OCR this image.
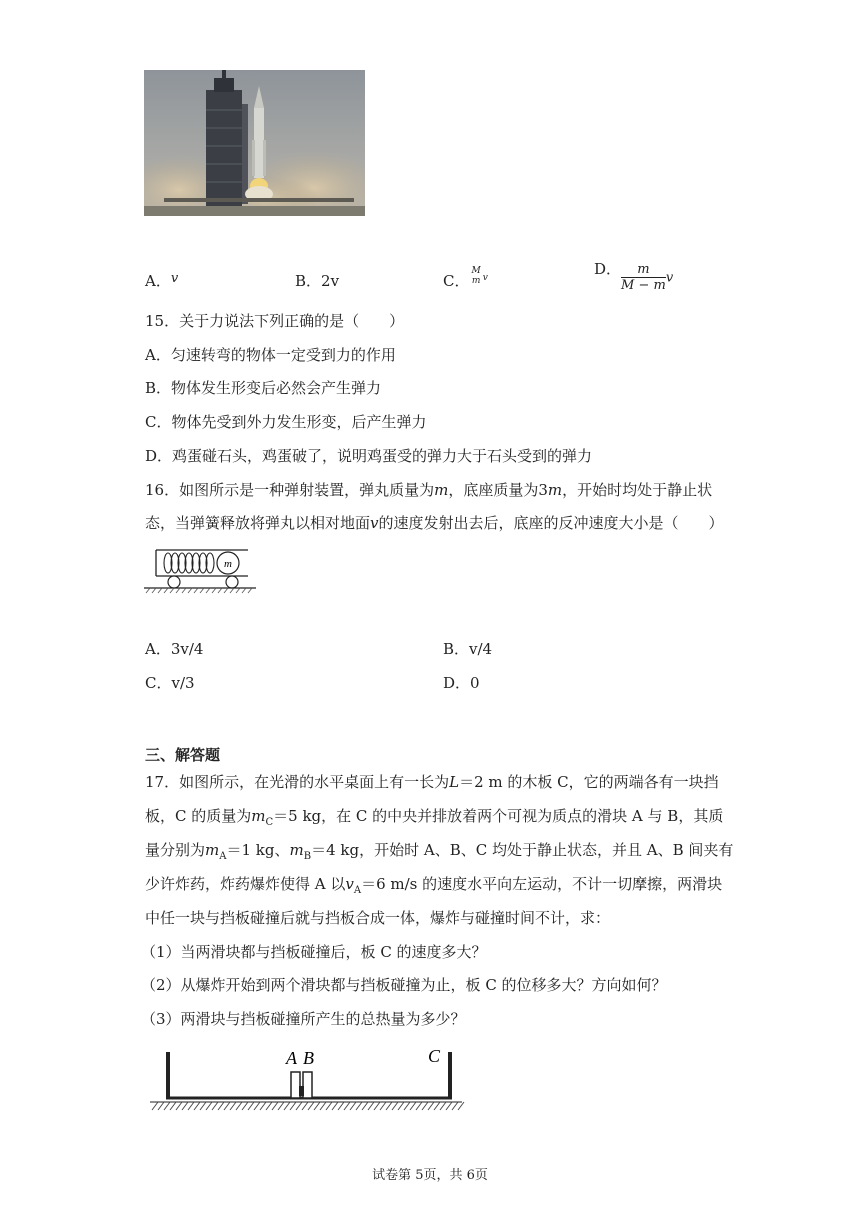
A．v	B．2v	C．
M
m v
D． $\frac{m}{M - m}$ v
15．关于力说法下列正确的是（　　）
A．匀速转弯的物体一定受到力的作用
B．物体发生形变后必然会产生弹力
C．物体先受到外力发生形变，后产生弹力
D．鸡蛋碰石头，鸡蛋破了，说明鸡蛋受的弹力大于石头受到的弹力
16．如图所示是一种弹射装置，弹丸质量为m，底座质量为3m，开始时均处于静止状
态，当弹簧释放将弹丸以相对地面v的速度发射出去后，底座的反冲速度大小是（　　）
m
A．3v/4	B．v/4
C．v/3	D．0
三、解答题
17．如图所示，在光滑的水平桌面上有一长为L＝2 m 的木板 C，它的两端各有一块挡
板，C 的质量为$m_C=5$ kg，在 C 的中央并排放着两个可视为质点的滑块 A 与 B，其质
量分别为$m_A=1$ kg、$m_B=4$ kg，开始时 A、B、C 均处于静止状态，并且 A、B 间夹有
少许炸药，炸药爆炸使得 A 以$v_A=6$ m/s 的速度水平向左运动，不计一切摩擦，两滑块
中任一块与挡板碰撞后就与挡板合成一体，爆炸与碰撞时间不计，求：
（1）当两滑块都与挡板碰撞后，板 C 的速度多大？
（2）从爆炸开始到两个滑块都与挡板碰撞为止，板 C 的位移多大？方向如何？
（3）两滑块与挡板碰撞所产生的总热量为多少？
A B	C
试卷第 5页，共 6页
